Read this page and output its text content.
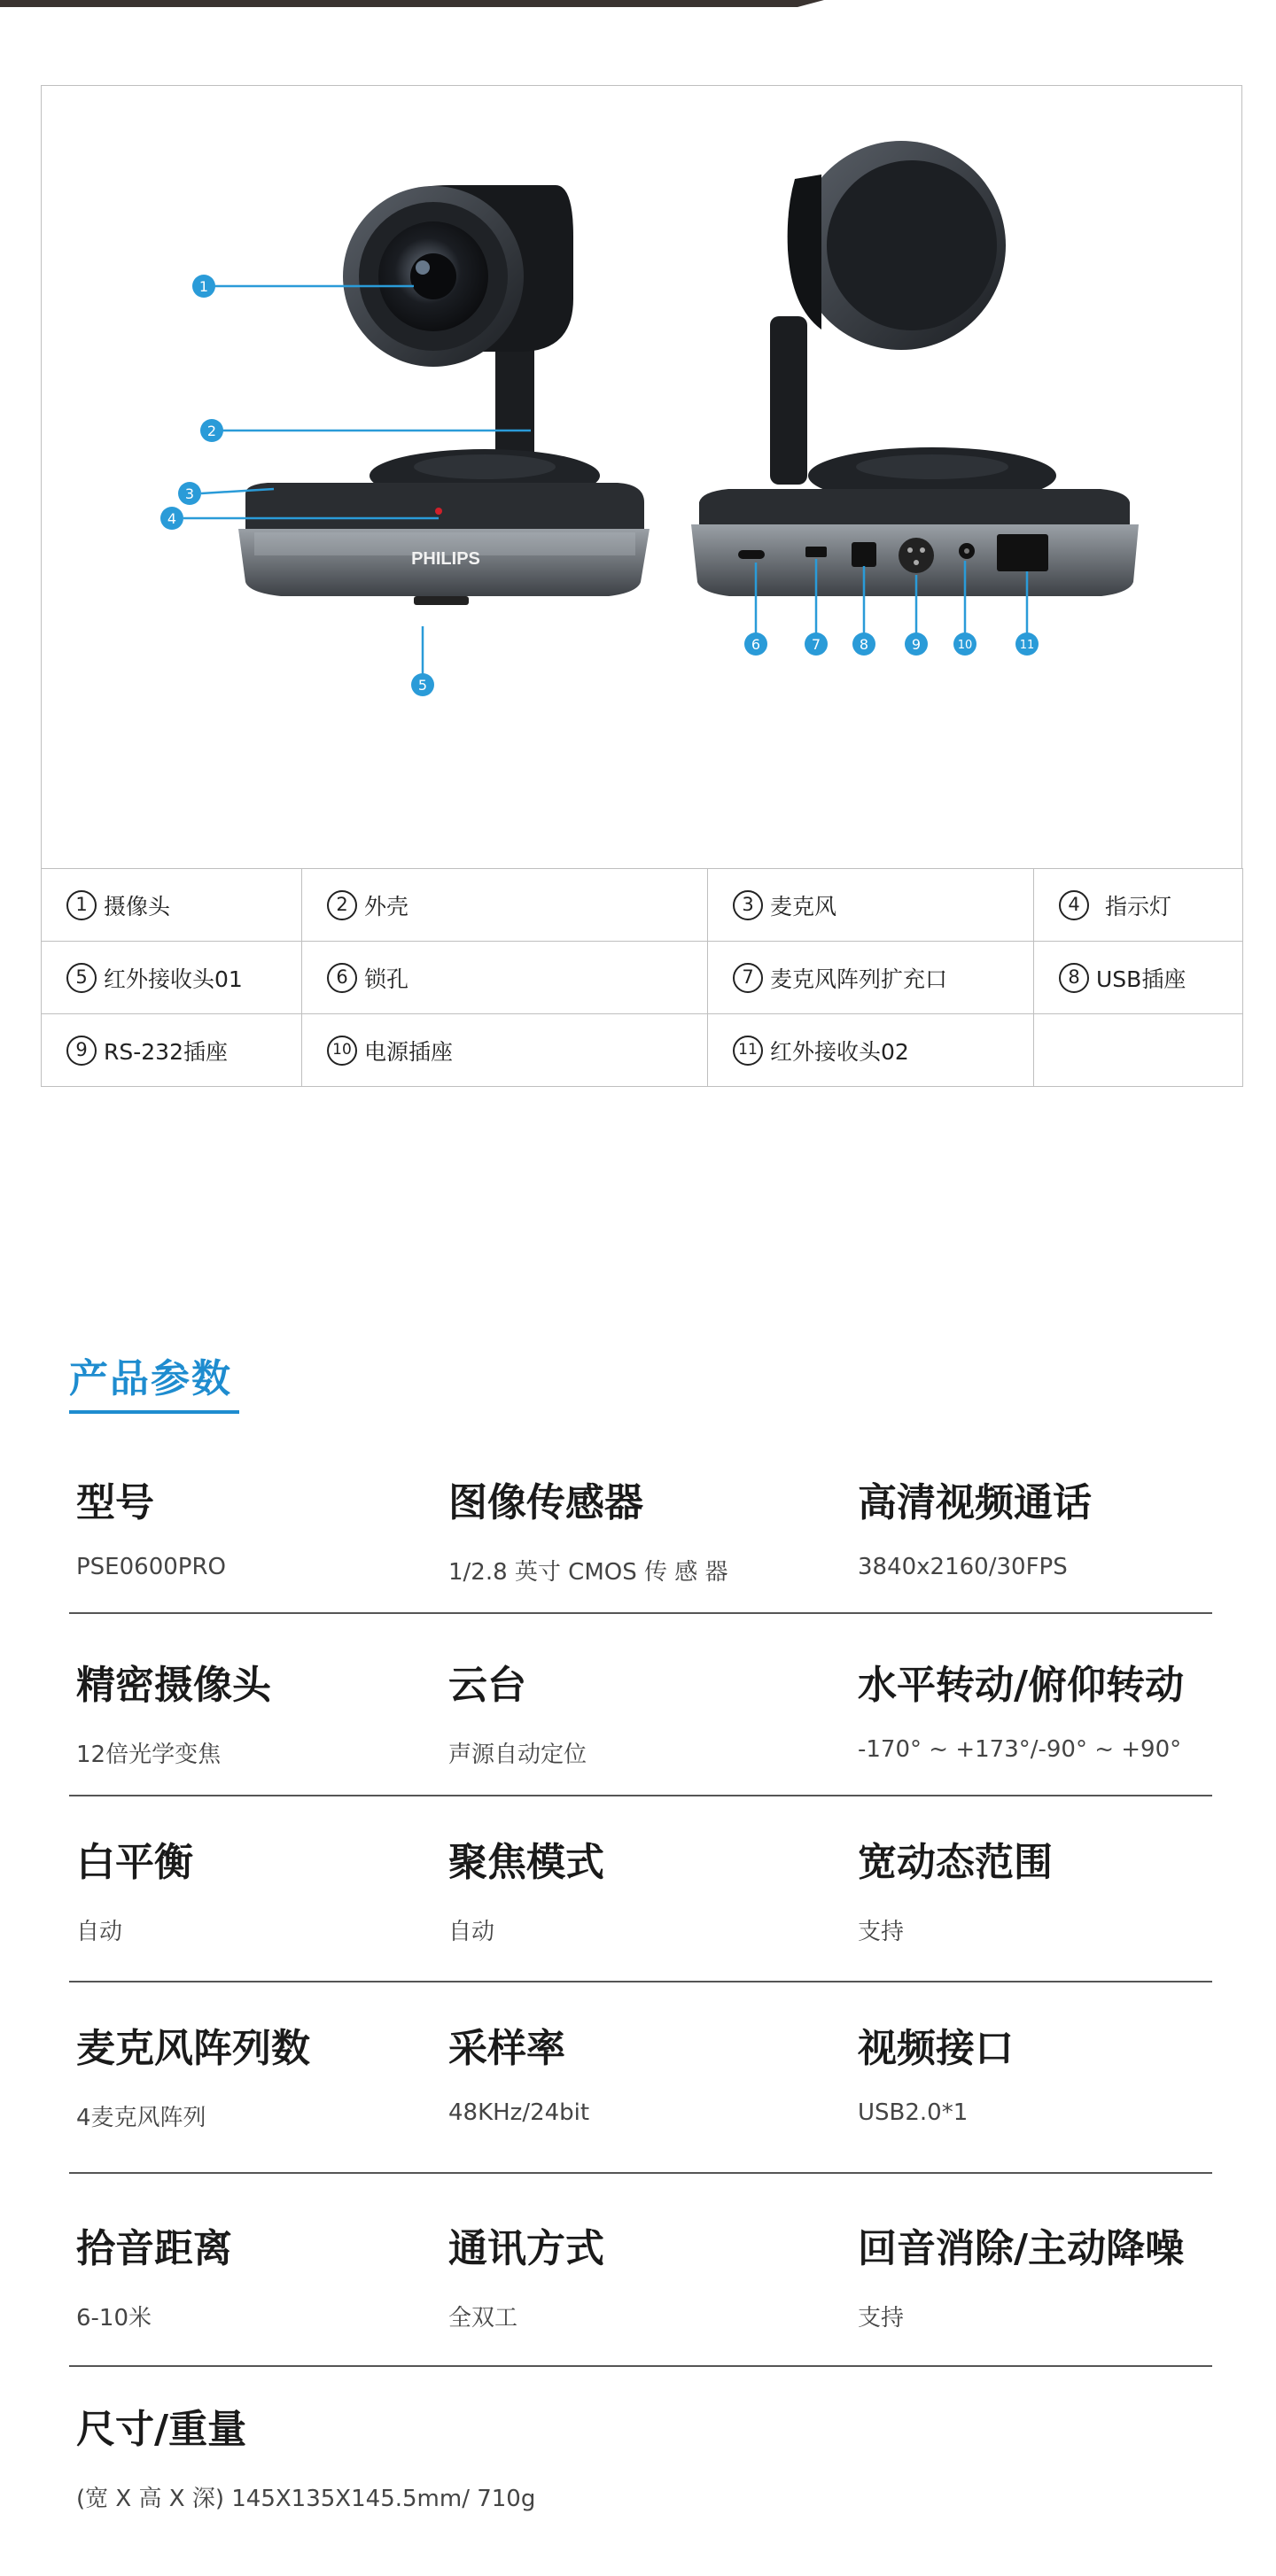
PHILIPS
1
2
3
4
5
6	7	8	9	10	11
1 摄像头	2 外壳	3 麦克风	4 指示灯

5 红外接收头01	6 锁孔	7 麦克风阵列扩充口	8 USB插座

9 RS-232插座	10 电源插座	11 红外接收头02	

产品参数
型号
PSE0600PRO
图像传感器
1/2.8 英寸 CMOS 传 感 器
高清视频通话
3840x2160/30FPS
精密摄像头
12倍光学变焦
云台
声源自动定位
水平转动/俯仰转动
-170° ~ +173°/-90° ~ +90°
白平衡
自动
聚焦模式
自动
宽动态范围
支持
麦克风阵列数
4麦克风阵列
采样率
48KHz/24bit
视频接口
USB2.0*1
拾音距离
6-10米
通讯方式
全双工
回音消除/主动降噪
支持
尺寸/重量
(宽 X 高 X 深) 145X135X145.5mm/ 710g
